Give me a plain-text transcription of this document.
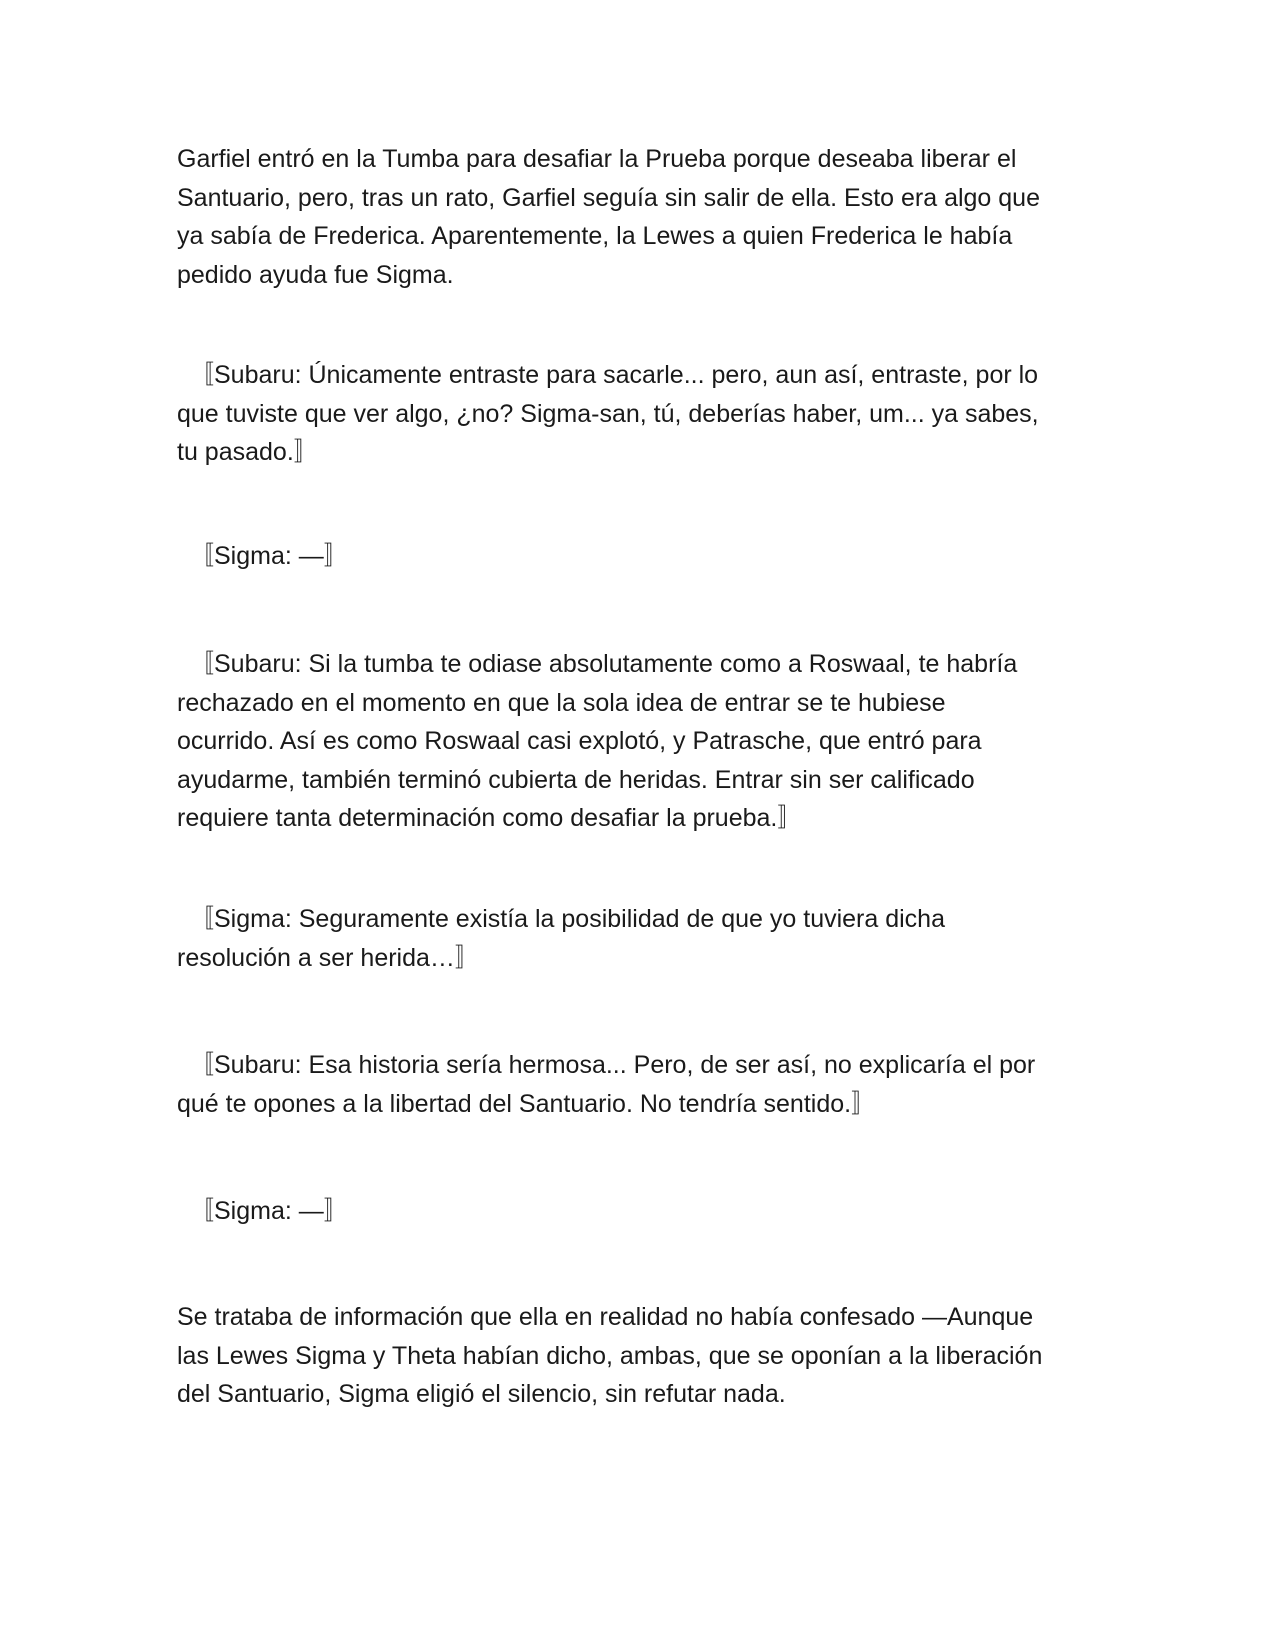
Garfiel entró en la Tumba para desafiar la Prueba porque deseaba liberar el
Santuario, pero, tras un rato, Garfiel seguía sin salir de ella. Esto era algo que
ya sabía de Frederica. Aparentemente, la Lewes a quien Frederica le había
pedido ayuda fue Sigma.

〚Subaru: Únicamente entraste para sacarle... pero, aun así, entraste, por lo
que tuviste que ver algo, ¿no? Sigma-san, tú, deberías haber, um... ya sabes,
tu pasado.〛

〚Sigma: —〛

〚Subaru: Si la tumba te odiase absolutamente como a Roswaal, te habría
rechazado en el momento en que la sola idea de entrar se te hubiese
ocurrido. Así es como Roswaal casi explotó, y Patrasche, que entró para
ayudarme, también terminó cubierta de heridas. Entrar sin ser calificado
requiere tanta determinación como desafiar la prueba.〛

〚Sigma: Seguramente existía la posibilidad de que yo tuviera dicha
resolución a ser herida…〛

〚Subaru: Esa historia sería hermosa... Pero, de ser así, no explicaría el por
qué te opones a la libertad del Santuario. No tendría sentido.〛

〚Sigma: —〛

Se trataba de información que ella en realidad no había confesado —Aunque
las Lewes Sigma y Theta habían dicho, ambas, que se oponían a la liberación
del Santuario, Sigma eligió el silencio, sin refutar nada.
